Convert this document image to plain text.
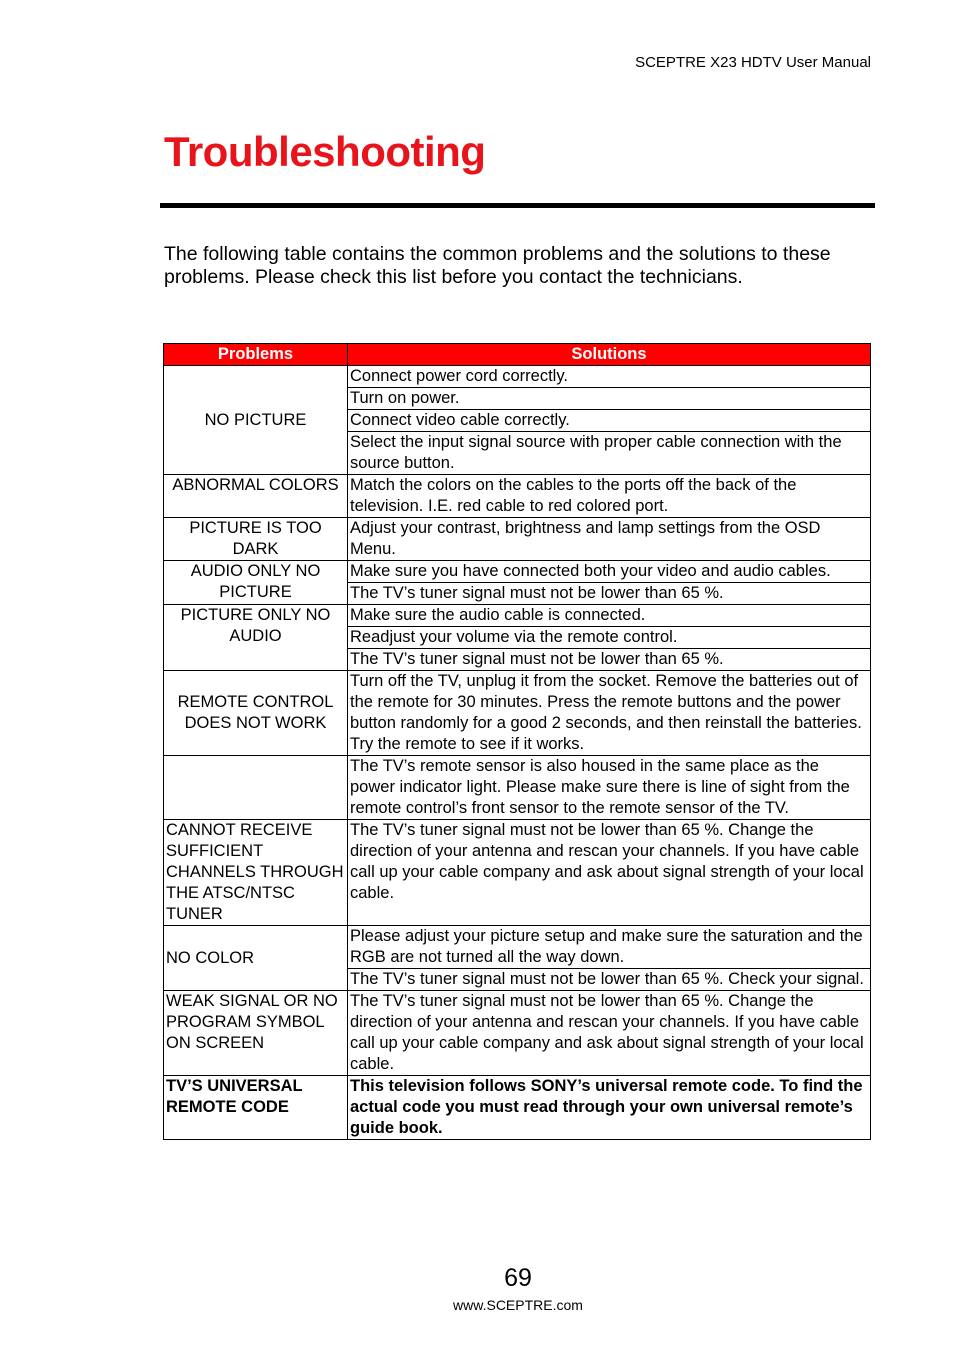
SCEPTRE X23 HDTV User Manual
Troubleshooting

The following table contains the common problems and the solutions to these problems. Please check this list before you contact the technicians.

Problems	Solutions
NO PICTURE	Connect power cord correctly.
	Turn on power.
	Connect video cable correctly.
	Select the input signal source with proper cable connection with the source button.
ABNORMAL COLORS	Match the colors on the cables to the ports off the back of the television. I.E. red cable to red colored port.
PICTURE IS TOO DARK	Adjust your contrast, brightness and lamp settings from the OSD Menu.
AUDIO ONLY NO PICTURE	Make sure you have connected both your video and audio cables.
	The TV’s tuner signal must not be lower than 65 %.
PICTURE ONLY NO AUDIO	Make sure the audio cable is connected.
	Readjust your volume via the remote control.
	The TV’s tuner signal must not be lower than 65 %.
REMOTE CONTROL DOES NOT WORK	Turn off the TV, unplug it from the socket. Remove the batteries out of the remote for 30 minutes. Press the remote buttons and the power button randomly for a good 2 seconds, and then reinstall the batteries. Try the remote to see if it works.
	The TV’s remote sensor is also housed in the same place as the power indicator light. Please make sure there is line of sight from the remote control’s front sensor to the remote sensor of the TV.
CANNOT RECEIVE SUFFICIENT CHANNELS THROUGH THE ATSC/NTSC TUNER	The TV’s tuner signal must not be lower than 65 %. Change the direction of your antenna and rescan your channels. If you have cable call up your cable company and ask about signal strength of your local cable.
NO COLOR	Please adjust your picture setup and make sure the saturation and the RGB are not turned all the way down.
	The TV’s tuner signal must not be lower than 65 %. Check your signal.
WEAK SIGNAL OR NO PROGRAM SYMBOL ON SCREEN	The TV’s tuner signal must not be lower than 65 %. Change the direction of your antenna and rescan your channels. If you have cable call up your cable company and ask about signal strength of your local cable.
TV’S UNIVERSAL REMOTE CODE	This television follows SONY’s universal remote code. To find the actual code you must read through your own universal remote’s guide book.
69
www.SCEPTRE.com
